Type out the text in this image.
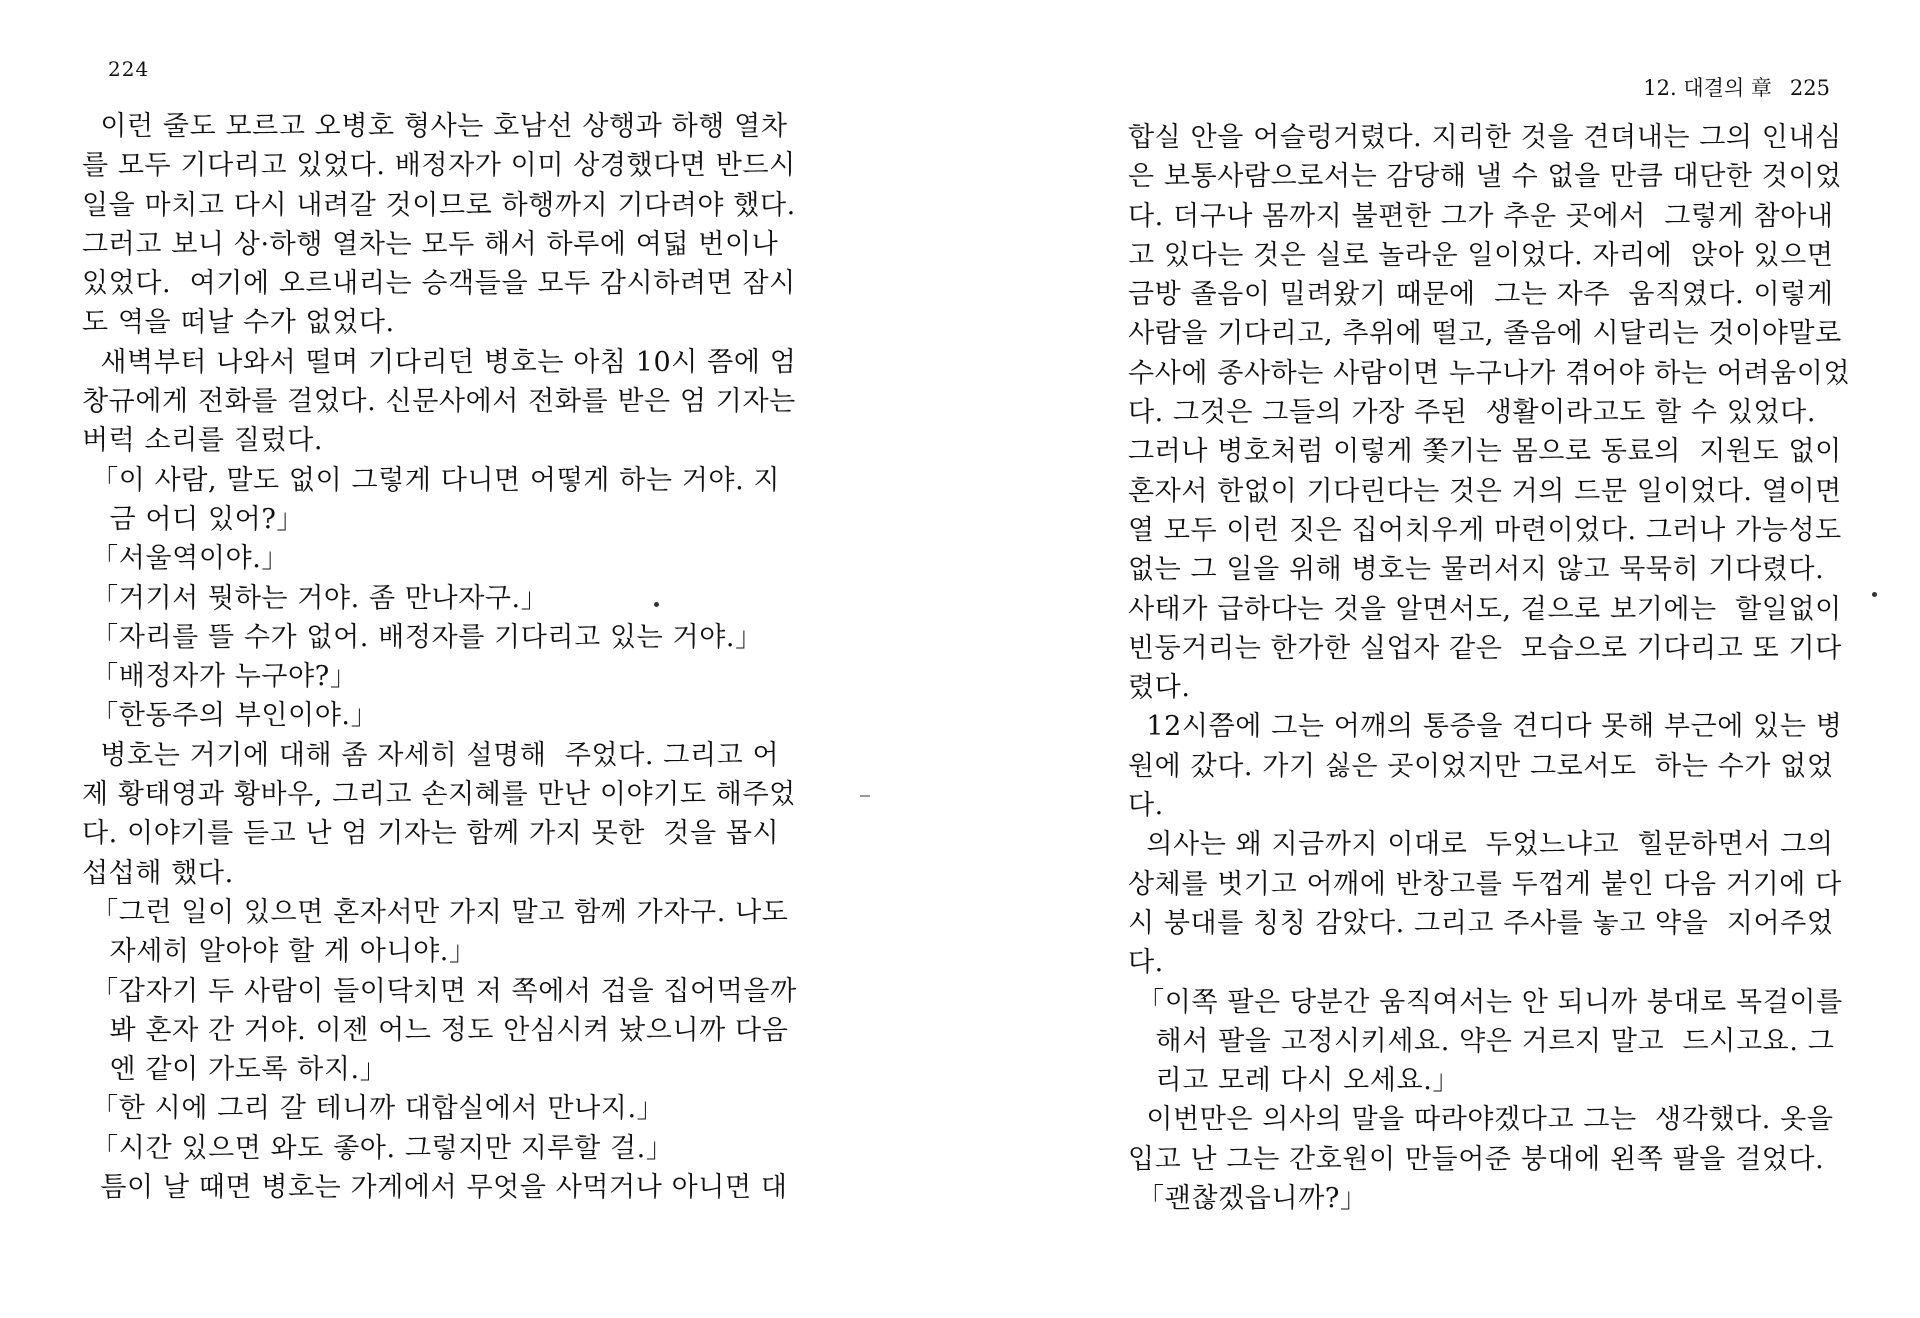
224
이런 줄도 모르고 오병호 형사는 호남선 상행과 하행 열차
를 모두 기다리고 있었다. 배정자가 이미 상경했다면 반드시
일을 마치고 다시 내려갈 것이므로 하행까지 기다려야 했다.
그러고 보니 상·하행 열차는 모두 해서 하루에 여덟 번이나
있었다.  여기에 오르내리는 승객들을 모두 감시하려면 잠시
도 역을 떠날 수가 없었다.
새벽부터 나와서 떨며 기다리던 병호는 아침 10시 쯤에 엄
창규에게 전화를 걸었다. 신문사에서 전화를 받은 엄 기자는
버럭 소리를 질렀다.
「이 사람, 말도 없이 그렇게 다니면 어떻게 하는 거야. 지
금 어디 있어?」
「서울역이야.」
「거기서 뭣하는 거야. 좀 만나자구.」
「자리를 뜰 수가 없어. 배정자를 기다리고 있는 거야.」
「배정자가 누구야?」
「한동주의 부인이야.」
병호는 거기에 대해 좀 자세히 설명해  주었다. 그리고 어
제 황태영과 황바우, 그리고 손지혜를 만난 이야기도 해주었
다. 이야기를 듣고 난 엄 기자는 함께 가지 못한  것을 몹시
섭섭해 했다.
「그런 일이 있으면 혼자서만 가지 말고 함께 가자구. 나도
자세히 알아야 할 게 아니야.」
「갑자기 두 사람이 들이닥치면 저 쪽에서 겁을 집어먹을까
봐 혼자 간 거야. 이젠 어느 정도 안심시켜 놨으니까 다음
엔 같이 가도록 하지.」
「한 시에 그리 갈 테니까 대합실에서 만나지.」
「시간 있으면 와도 좋아. 그렇지만 지루할 걸.」
틈이 날 때면 병호는 가게에서 무엇을 사먹거나 아니면 대
12. 대결의 章 225
합실 안을 어슬렁거렸다. 지리한 것을 견뎌내는 그의 인내심
은 보통사람으로서는 감당해 낼 수 없을 만큼 대단한 것이었
다. 더구나 몸까지 불편한 그가 추운 곳에서  그렇게 참아내
고 있다는 것은 실로 놀라운 일이었다. 자리에  앉아 있으면
금방 졸음이 밀려왔기 때문에  그는 자주  움직였다. 이렇게
사람을 기다리고, 추위에 떨고, 졸음에 시달리는 것이야말로
수사에 종사하는 사람이면 누구나가 겪어야 하는 어려움이었
다. 그것은 그들의 가장 주된  생활이라고도 할 수 있었다.
그러나 병호처럼 이렇게 쫓기는 몸으로 동료의  지원도 없이
혼자서 한없이 기다린다는 것은 거의 드문 일이었다. 열이면
열 모두 이런 짓은 집어치우게 마련이었다. 그러나 가능성도
없는 그 일을 위해 병호는 물러서지 않고 묵묵히 기다렸다.
사태가 급하다는 것을 알면서도, 겉으로 보기에는  할일없이
빈둥거리는 한가한 실업자 같은  모습으로 기다리고 또 기다
렸다.
12시쯤에 그는 어깨의 통증을 견디다 못해 부근에 있는 병
원에 갔다. 가기 싫은 곳이었지만 그로서도  하는 수가 없었
다.
의사는 왜 지금까지 이대로  두었느냐고  힐문하면서 그의
상체를 벗기고 어깨에 반창고를 두껍게 붙인 다음 거기에 다
시 붕대를 칭칭 감았다. 그리고 주사를 놓고 약을  지어주었
다.
「이쪽 팔은 당분간 움직여서는 안 되니까 붕대로 목걸이를
해서 팔을 고정시키세요. 약은 거르지 말고  드시고요. 그
리고 모레 다시 오세요.」
이번만은 의사의 말을 따라야겠다고 그는  생각했다. 옷을
입고 난 그는 간호원이 만들어준 붕대에 왼쪽 팔을 걸었다.
「괜찮겠읍니까?」
